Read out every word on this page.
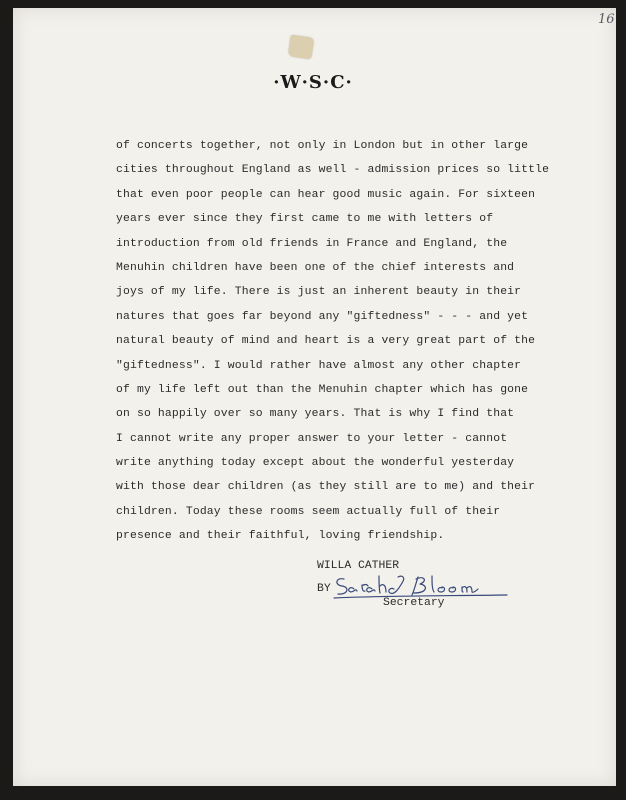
16
·W·S·C·
of concerts together, not only in London but in other large
cities throughout England as well - admission prices so little
that even poor people can hear good music again. For sixteen
years ever since they first came to me with letters of
introduction from old friends in France and England, the
Menuhin children have been one of the chief interests and
joys of my life. There is just an inherent beauty in their
natures that goes far beyond any "giftedness" - - - and yet
natural beauty of mind and heart is a very great part of the
"giftedness". I would rather have almost any other chapter
of my life left out than the Menuhin chapter which has gone
on so happily over so many years. That is why I find that
I cannot write any proper answer to your letter - cannot
write anything today except about the wonderful yesterday
with those dear children (as they still are to me) and their
children. Today these rooms seem actually full of their
presence and their faithful, loving friendship.
WILLA CATHER
BY
Secretary
